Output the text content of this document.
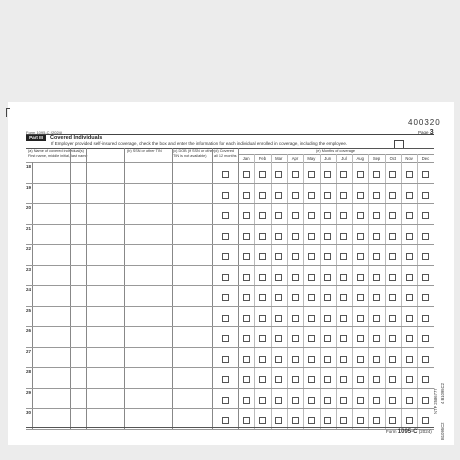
400320
Form 1095-C (2024)	Page 3
Part III	Covered Individuals
If Employer provided self-insured coverage, check the box and enter the information for each individual enrolled in coverage, including the employee.
(a) Name of covered individual(s)
First name, middle initial, last name
(b) SSN or other TIN	(c) DOB (if SSN or other
TIN is not available)
(d) Covered
all 12 months
(e) Months of coverage
Jan	Feb	Mar	Apr	May	Jun	Jul	Aug	Sep	Oct	Nov	Dec
18
19
20
21
22
23
24
25
26
27
28
29
30
Form 1095-C (2024)
4 B1095C2
B1095C2
NTF 2586777
